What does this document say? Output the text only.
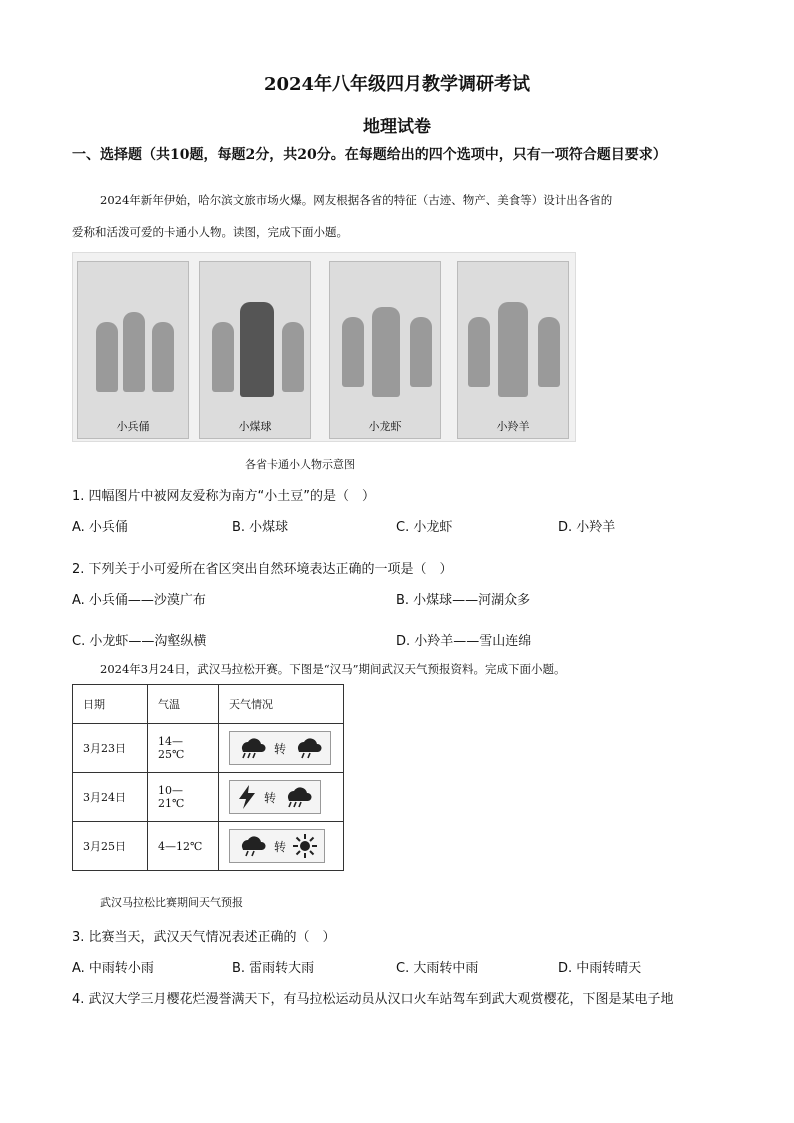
2024年八年级四月教学调研考试
地理试卷
一、选择题（共10题，每题2分，共20分。在每题给出的四个选项中，只有一项符合题目要求）
2024年新年伊始，哈尔滨文旅市场火爆。网友根据各省的特征（古迹、物产、美食等）设计出各省的
爱称和活泼可爱的卡通小人物。读图，完成下面小题。
小兵俑	小煤球	小龙虾	小羚羊
各省卡通小人物示意图
1. 四幅图片中被网友爱称为南方“小土豆”的是（　）
A. 小兵俑	B. 小煤球	C. 小龙虾	D. 小羚羊
2. 下列关于小可爱所在省区突出自然环境表达正确的一项是（　）
A. 小兵俑——沙漠广布	B. 小煤球——河湖众多
C. 小龙虾——沟壑纵横	D. 小羚羊——雪山连绵
2024年3月24日，武汉马拉松开赛。下图是“汉马”期间武汉天气预报资料。完成下面小题。
日期	气温	天气情况
3月23日	14—25℃	转

3月24日	10—21℃	转

3月25日	4—12℃	转
武汉马拉松比赛期间天气预报
3. 比赛当天，武汉天气情况表述正确的（　）
A. 中雨转小雨	B. 雷雨转大雨	C. 大雨转中雨	D. 中雨转晴天
4. 武汉大学三月樱花烂漫誉满天下，有马拉松运动员从汉口火车站驾车到武大观赏樱花，下图是某电子地
